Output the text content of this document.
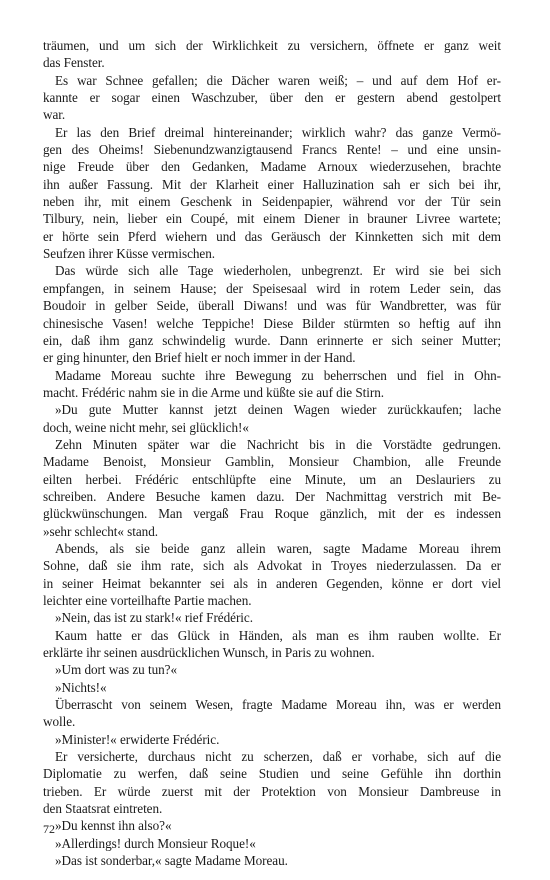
träumen, und um sich der Wirklichkeit zu versichern, öffnete er ganz weit
das Fenster.
Es war Schnee gefallen; die Dächer waren weiß; – und auf dem Hof er-
kannte er sogar einen Waschzuber, über den er gestern abend gestolpert
war.
Er las den Brief dreimal hintereinander; wirklich wahr? das ganze Vermö-
gen des Oheims! Siebenundzwanzigtausend Francs Rente! – und eine unsin-
nige Freude über den Gedanken, Madame Arnoux wiederzusehen, brachte
ihn außer Fassung. Mit der Klarheit einer Halluzination sah er sich bei ihr,
neben ihr, mit einem Geschenk in Seidenpapier, während vor der Tür sein
Tilbury, nein, lieber ein Coupé, mit einem Diener in brauner Livree wartete;
er hörte sein Pferd wiehern und das Geräusch der Kinnketten sich mit dem
Seufzen ihrer Küsse vermischen.
Das würde sich alle Tage wiederholen, unbegrenzt. Er wird sie bei sich
empfangen, in seinem Hause; der Speisesaal wird in rotem Leder sein, das
Boudoir in gelber Seide, überall Diwans! und was für Wandbretter, was für
chinesische Vasen! welche Teppiche! Diese Bilder stürmten so heftig auf ihn
ein, daß ihm ganz schwindelig wurde. Dann erinnerte er sich seiner Mutter;
er ging hinunter, den Brief hielt er noch immer in der Hand.
Madame Moreau suchte ihre Bewegung zu beherrschen und fiel in Ohn-
macht. Frédéric nahm sie in die Arme und küßte sie auf die Stirn.
»Du gute Mutter kannst jetzt deinen Wagen wieder zurückkaufen; lache
doch, weine nicht mehr, sei glücklich!«
Zehn Minuten später war die Nachricht bis in die Vorstädte gedrungen.
Madame Benoist, Monsieur Gamblin, Monsieur Chambion, alle Freunde
eilten herbei. Frédéric entschlüpfte eine Minute, um an Deslauriers zu
schreiben. Andere Besuche kamen dazu. Der Nachmittag verstrich mit Be-
glückwünschungen. Man vergaß Frau Roque gänzlich, mit der es indessen
»sehr schlecht« stand.
Abends, als sie beide ganz allein waren, sagte Madame Moreau ihrem
Sohne, daß sie ihm rate, sich als Advokat in Troyes niederzulassen. Da er
in seiner Heimat bekannter sei als in anderen Gegenden, könne er dort viel
leichter eine vorteilhafte Partie machen.
»Nein, das ist zu stark!« rief Frédéric.
Kaum hatte er das Glück in Händen, als man es ihm rauben wollte. Er
erklärte ihr seinen ausdrücklichen Wunsch, in Paris zu wohnen.
»Um dort was zu tun?«
»Nichts!«
Überrascht von seinem Wesen, fragte Madame Moreau ihn, was er werden
wolle.
»Minister!« erwiderte Frédéric.
Er versicherte, durchaus nicht zu scherzen, daß er vorhabe, sich auf die
Diplomatie zu werfen, daß seine Studien und seine Gefühle ihn dorthin
trieben. Er würde zuerst mit der Protektion von Monsieur Dambreuse in
den Staatsrat eintreten.
»Du kennst ihn also?«
»Allerdings! durch Monsieur Roque!«
»Das ist sonderbar,« sagte Madame Moreau.
72
